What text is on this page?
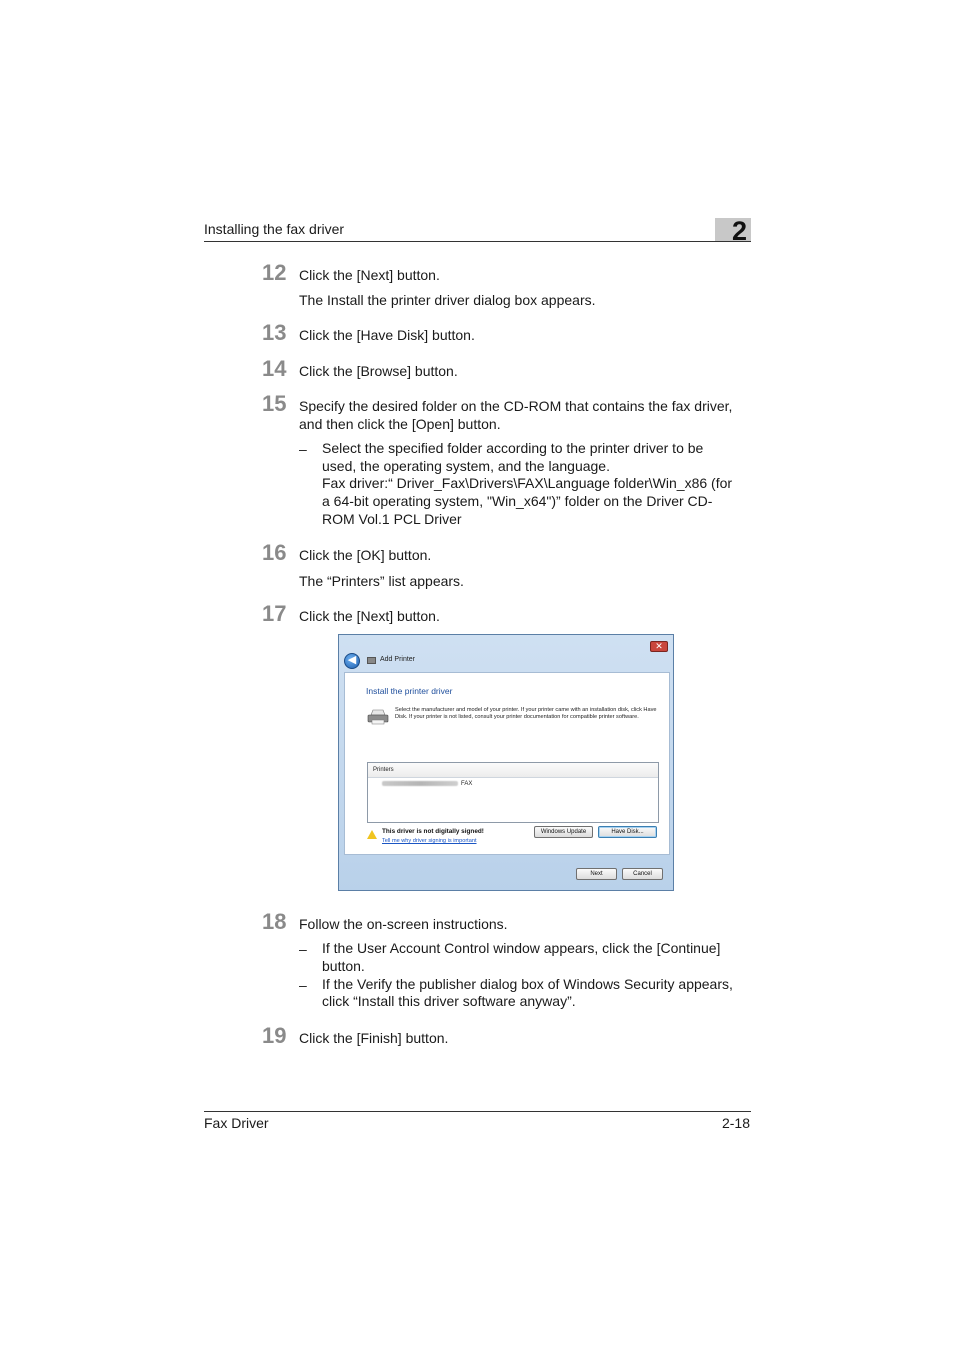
Installing the fax driver	2
12 Click the [Next] button.
The Install the printer driver dialog box appears.
13 Click the [Have Disk] button.
14 Click the [Browse] button.
15 Specify the desired folder on the CD-ROM that contains the fax driver,
and then click the [Open] button.
– Select the specified folder according to the printer driver to be
used, the operating system, and the language.
Fax driver:“ Driver_Fax\Drivers\FAX\Language folder\Win_x86 (for
a 64-bit operating system, "Win_x64")” folder on the Driver CD-
ROM Vol.1 PCL Driver
16 Click the [OK] button.
The “Printers” list appears.
17 Click the [Next] button.
✕
◀	Add Printer
Install the printer driver
Select the manufacturer and model of your printer. If your printer came with an installation disk, click Have Disk. If your printer is not listed, consult your printer documentation for compatible printer software.
Printers
FAX
This driver is not digitally signed!
Tell me why driver signing is important
Windows Update	Have Disk...
Next	Cancel
18 Follow the on-screen instructions.
– If the User Account Control window appears, click the [Continue]
button.
– If the Verify the publisher dialog box of Windows Security appears,
click “Install this driver software anyway”.
19 Click the [Finish] button.
Fax Driver	2-18
